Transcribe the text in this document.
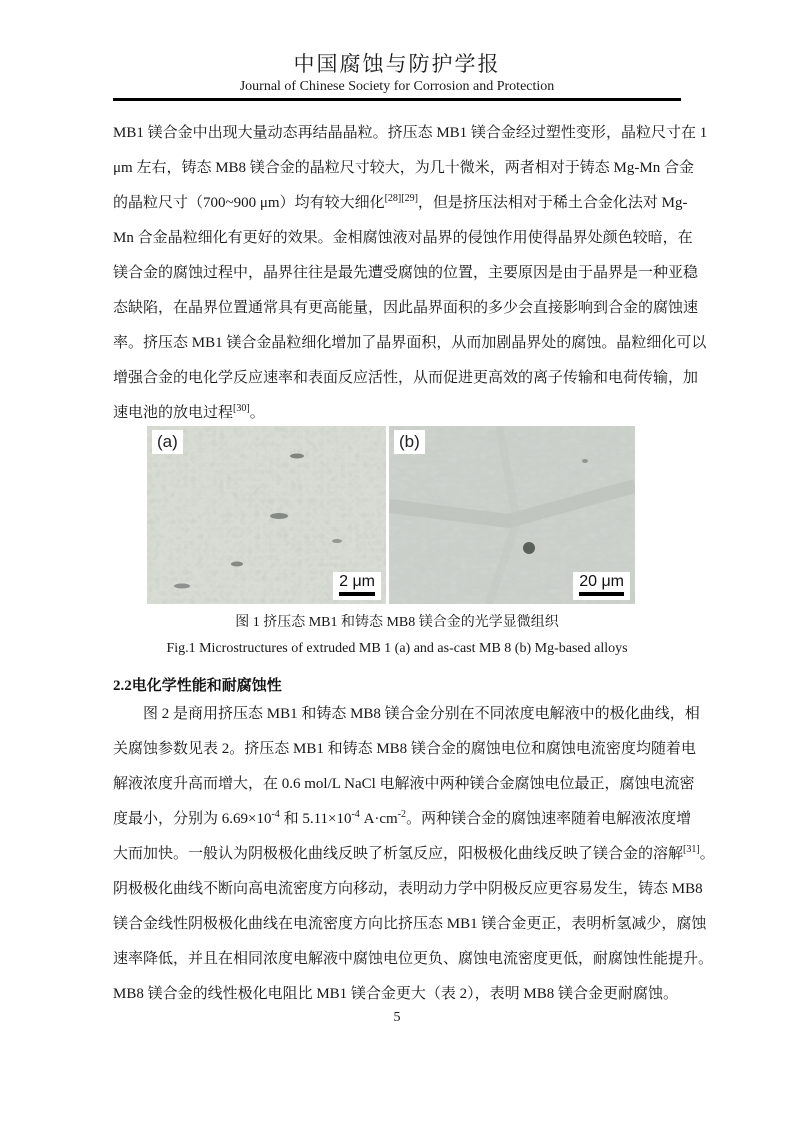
中国腐蚀与防护学报
Journal of Chinese Society for Corrosion and Protection
MB1 镁合金中出现大量动态再结晶晶粒。挤压态 MB1 镁合金经过塑性变形，晶粒尺寸在 1
μm 左右，铸态 MB8 镁合金的晶粒尺寸较大，为几十微米，两者相对于铸态 Mg-Mn 合金
的晶粒尺寸（700~900 μm）均有较大细化[28][29]，但是挤压法相对于稀土合金化法对 Mg-
Mn 合金晶粒细化有更好的效果。金相腐蚀液对晶界的侵蚀作用使得晶界处颜色较暗，在
镁合金的腐蚀过程中，晶界往往是最先遭受腐蚀的位置，主要原因是由于晶界是一种亚稳
态缺陷，在晶界位置通常具有更高能量，因此晶界面积的多少会直接影响到合金的腐蚀速
率。挤压态 MB1 镁合金晶粒细化增加了晶界面积，从而加剧晶界处的腐蚀。晶粒细化可以
增强合金的电化学反应速率和表面反应活性，从而促进更高效的离子传输和电荷传输，加
速电池的放电过程[30]。
(a)
2 μm
(b)
20 μm
图 1 挤压态 MB1 和铸态 MB8 镁合金的光学显微组织
Fig.1 Microstructures of extruded MB 1 (a) and as-cast MB 8 (b) Mg-based alloys
2.2电化学性能和耐腐蚀性
图 2 是商用挤压态 MB1 和铸态 MB8 镁合金分别在不同浓度电解液中的极化曲线，相
关腐蚀参数见表 2。挤压态 MB1 和铸态 MB8 镁合金的腐蚀电位和腐蚀电流密度均随着电
解液浓度升高而增大，在 0.6 mol/L NaCl 电解液中两种镁合金腐蚀电位最正，腐蚀电流密
度最小，分别为 $6.69\times 10^{-4}$ 和 $5.11\times 10^{-4}$ $A\cdot cm^{-2}$。两种镁合金的腐蚀速率随着电解液浓度增
大而加快。一般认为阴极极化曲线反映了析氢反应，阳极极化曲线反映了镁合金的溶解[31]。
阴极极化曲线不断向高电流密度方向移动，表明动力学中阴极反应更容易发生，铸态 MB8
镁合金线性阴极极化曲线在电流密度方向比挤压态 MB1 镁合金更正，表明析氢减少，腐蚀
速率降低，并且在相同浓度电解液中腐蚀电位更负、腐蚀电流密度更低，耐腐蚀性能提升。
MB8 镁合金的线性极化电阻比 MB1 镁合金更大（表 2），表明 MB8 镁合金更耐腐蚀。
5
